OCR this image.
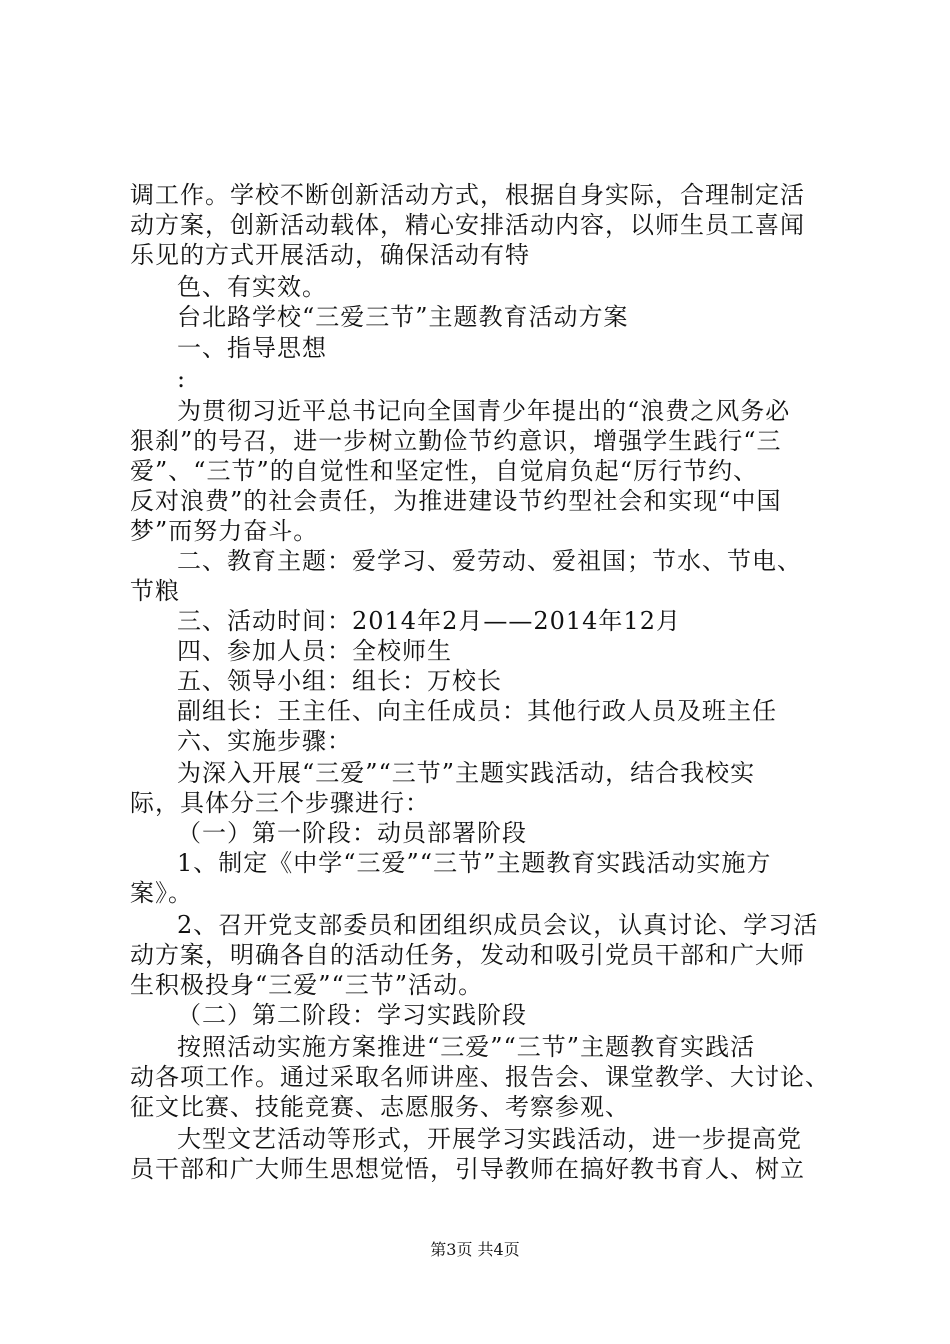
调工作。学校不断创新活动方式，根据自身实际，合理制定活
动方案，创新活动载体，精心安排活动内容，以师生员工喜闻
乐见的方式开展活动，确保活动有特
色、有实效。
台北路学校“三爱三节”主题教育活动方案
一、指导思想
:
为贯彻习近平总书记向全国青少年提出的“浪费之风务必
狠刹”的号召，进一步树立勤俭节约意识，增强学生践行“三
爱”、“三节”的自觉性和坚定性，自觉肩负起“厉行节约、
反对浪费”的社会责任，为推进建设节约型社会和实现“中国
梦”而努力奋斗。
二、教育主题：爱学习、爱劳动、爱祖国；节水、节电、
节粮
三、活动时间：2014年2月——2014年12月
四、参加人员：全校师生
五、领导小组：组长：万校长
副组长：王主任、向主任成员：其他行政人员及班主任
六、实施步骤：
为深入开展“三爱”“三节”主题实践活动，结合我校实
际，具体分三个步骤进行：
（一）第一阶段：动员部署阶段
1、制定《中学“三爱”“三节”主题教育实践活动实施方
案》。
2、召开党支部委员和团组织成员会议，认真讨论、学习活
动方案，明确各自的活动任务，发动和吸引党员干部和广大师
生积极投身“三爱”“三节”活动。
（二）第二阶段：学习实践阶段
按照活动实施方案推进“三爱”“三节”主题教育实践活
动各项工作。通过采取名师讲座、报告会、课堂教学、大讨论、
征文比赛、技能竞赛、志愿服务、考察参观、
大型文艺活动等形式，开展学习实践活动，进一步提高党
员干部和广大师生思想觉悟，引导教师在搞好教书育人、树立
第3页 共4页
